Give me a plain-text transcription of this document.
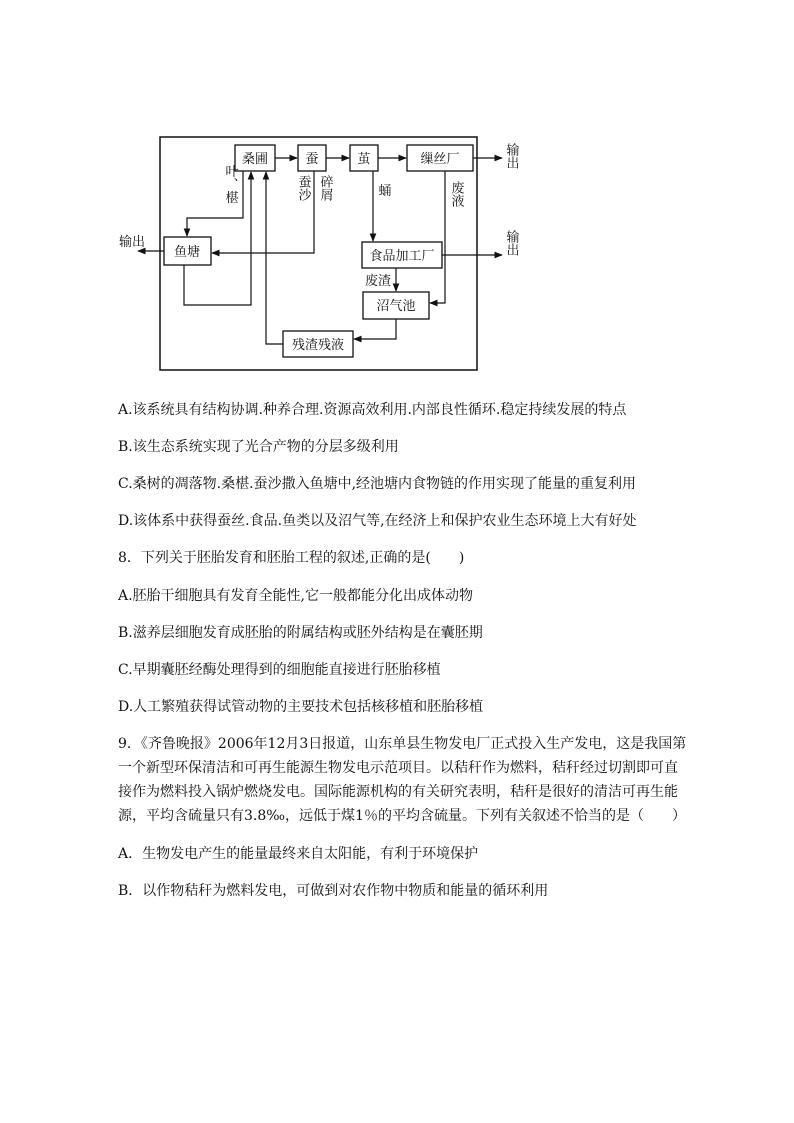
桑圃	蚕	茧	缫丝厂
鱼塘	食品加工厂
沼气池
残渣残液
输出
输出
输出
叶、椹	蚕沙 碎屑	蛹	废液
废渣

A.该系统具有结构协调.种养合理.资源高效利用.内部良性循环.稳定持续发展的特点

B.该生态系统实现了光合产物的分层多级利用

C.桑树的凋落物.桑椹.蚕沙撒入鱼塘中,经池塘内食物链的作用实现了能量的重复利用

D.该体系中获得蚕丝.食品.鱼类以及沼气等,在经济上和保护农业生态环境上大有好处

8．下列关于胚胎发育和胚胎工程的叙述,正确的是(　　)

A.胚胎干细胞具有发育全能性,它一般都能分化出成体动物

B.滋养层细胞发育成胚胎的附属结构或胚外结构是在囊胚期

C.早期囊胚经酶处理得到的细胞能直接进行胚胎移植

D.人工繁殖获得试管动物的主要技术包括核移植和胚胎移植

9．《齐鲁晚报》2006年12月3日报道，山东单县生物发电厂正式投入生产发电，这是我国第一个新型环保清洁和可再生能源生物发电示范项目。以秸秆作为燃料，秸秆经过切割即可直接作为燃料投入锅炉燃烧发电。国际能源机构的有关研究表明，秸秆是很好的清洁可再生能源，平均含硫量只有3.8‰，远低于煤1％的平均含硫量。下列有关叙述不恰当的是（　　）

A．生物发电产生的能量最终来自太阳能，有利于环境保护

B．以作物秸秆为燃料发电，可做到对农作物中物质和能量的循环利用
